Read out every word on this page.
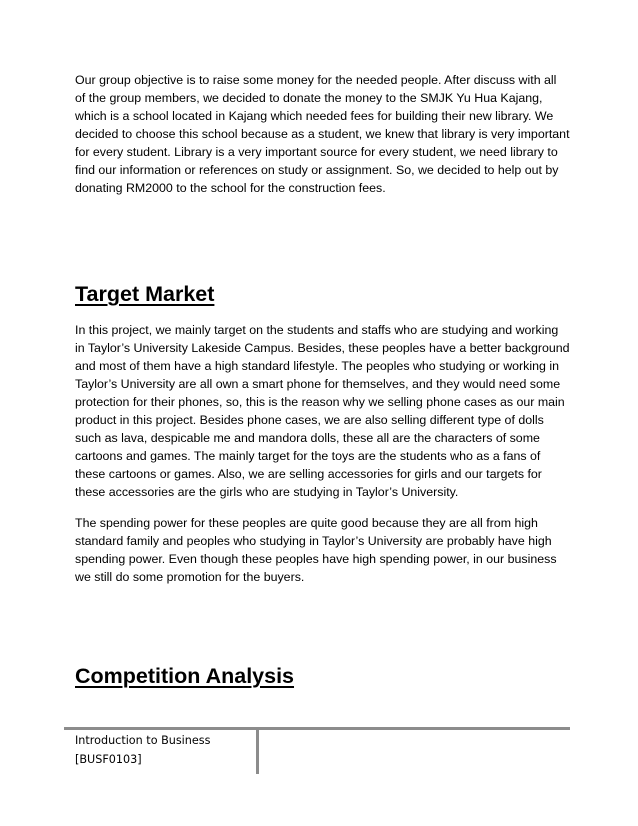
Our group objective is to raise some money for the needed people. After discuss with all of the group members, we decided to donate the money to the SMJK Yu Hua Kajang, which is a school located in Kajang which needed fees for building their new library. We decided to choose this school because as a student, we knew that library is very important for every student. Library is a very important source for every student, we need library to find our information or references on study or assignment. So, we decided to help out by donating RM2000 to the school for the construction fees.

Target Market

In this project, we mainly target on the students and staffs who are studying and working in Taylor’s University Lakeside Campus. Besides, these peoples have a better background and most of them have a high standard lifestyle. The peoples who studying or working in Taylor’s University are all own a smart phone for themselves, and they would need some protection for their phones, so, this is the reason why we selling phone cases as our main product in this project. Besides phone cases, we are also selling different type of dolls such as lava, despicable me and mandora dolls, these all are the characters of some cartoons and games. The mainly target for the toys are the students who as a fans of these cartoons or games. Also, we are selling accessories for girls and our targets for these accessories are the girls who are studying in Taylor’s University.

The spending power for these peoples are quite good because they are all from high standard family and peoples who studying in Taylor’s University are probably have high spending power. Even though these peoples have high spending power, in our business we still do some promotion for the buyers.

Competition Analysis

Introduction to Business

[BUSF0103]
